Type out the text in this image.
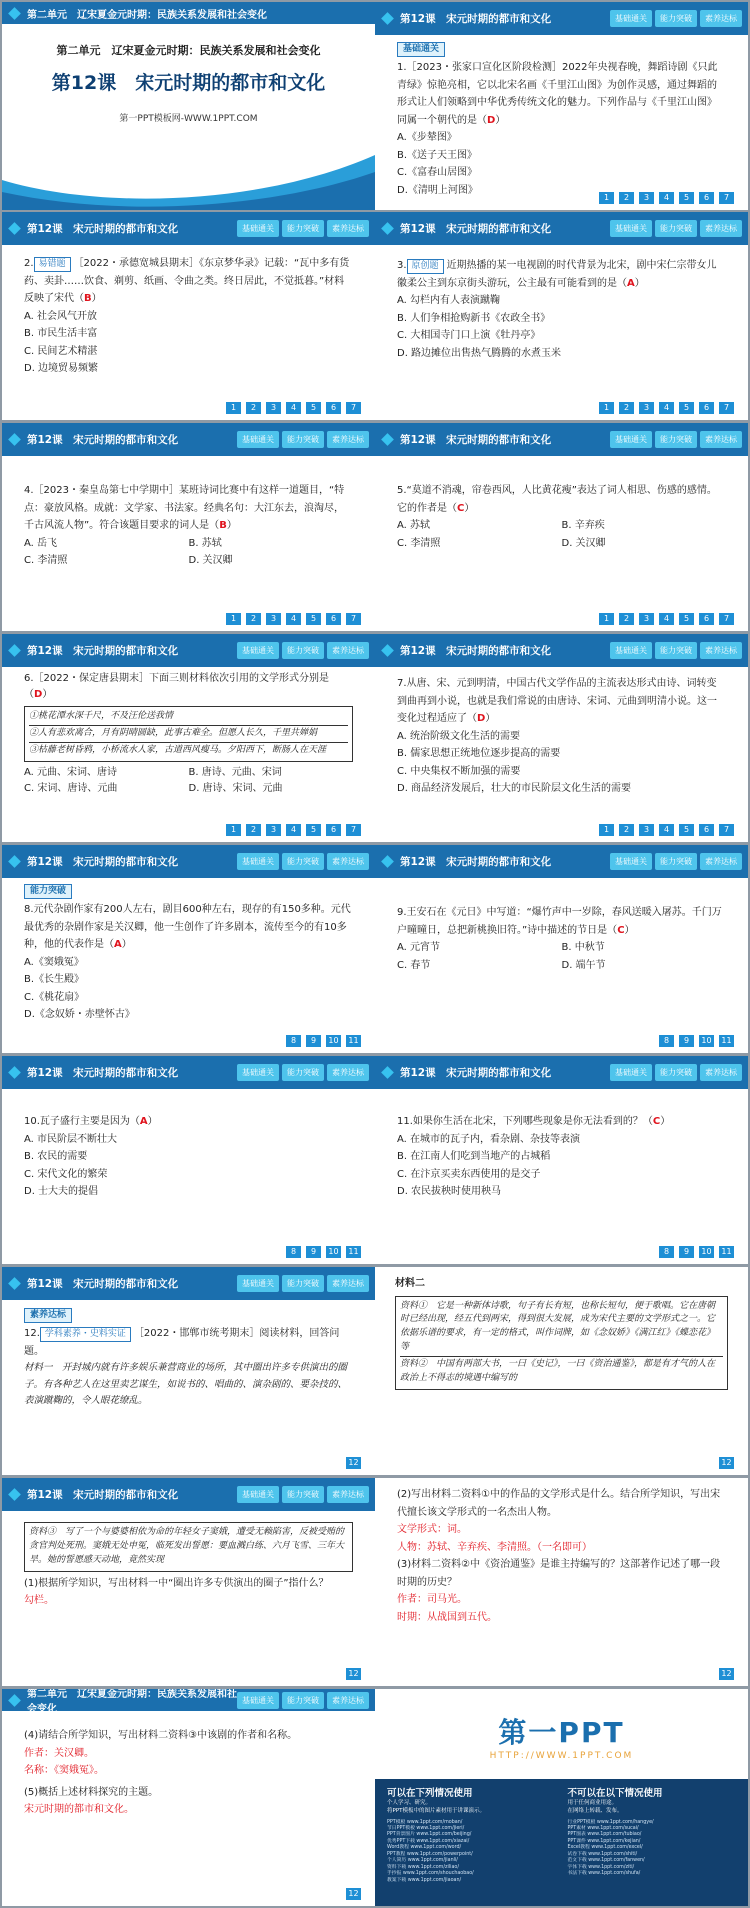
第二单元　辽宋夏金元时期：民族关系发展和社会变化
第二单元　辽宋夏金元时期：民族关系发展和社会变化
第12课　宋元时期的都市和文化
第一PPT模板网-WWW.1PPT.COM
第12课　宋元时期的都市和文化	基础通关	能力突破	素养达标
基础通关

1.［2023・张家口宣化区阶段检测］2022年央视春晚，舞蹈诗剧《只此青绿》惊艳亮相，它以北宋名画《千里江山图》为创作灵感，通过舞蹈的形式让人们领略到中华优秀传统文化的魅力。下列作品与《千里江山图》同属一个朝代的是（D）

A.《步辇图》

B.《送子天王图》

C.《富春山居图》

D.《清明上河图》

1	2	3	4	5	6	7
第12课　宋元时期的都市和文化	基础通关	能力突破	素养达标

2. 易错题 ［2022・承德宽城县期末］《东京梦华录》记载：“瓦中多有货药、卖卦……饮食、剃剪、纸画、令曲之类。终日居此，不觉抵暮。”材料反映了宋代（B）

A. 社会风气开放

B. 市民生活丰富

C. 民间艺术精湛

D. 边境贸易频繁

1	2	3	4	5	6	7
第12课　宋元时期的都市和文化	基础通关	能力突破	素养达标

3. 原创题 近期热播的某一电视剧的时代背景为北宋，剧中宋仁宗带女儿徽柔公主到东京街头游玩，公主最有可能看到的是（A）

A. 勾栏内有人表演蹴鞠

B. 人们争相抢购新书《农政全书》

C. 大相国寺门口上演《牡丹亭》

D. 路边摊位出售热气腾腾的水煮玉米

1	2	3	4	5	6	7
第12课　宋元时期的都市和文化	基础通关	能力突破	素养达标

4.［2023・秦皇岛第七中学期中］某班诗词比赛中有这样一道题目，“特点：豪放风格。成就：文学家、书法家。经典名句：大江东去，浪淘尽，千古风流人物”。符合该题目要求的词人是（B）

A. 岳飞	B. 苏轼
C. 李清照	D. 关汉卿
1	2	3	4	5	6	7
第12课　宋元时期的都市和文化	基础通关	能力突破	素养达标

5.“莫道不消魂，帘卷西风，人比黄花瘦”表达了词人相思、伤感的感情。它的作者是（C）

A. 苏轼	B. 辛弃疾
C. 李清照	D. 关汉卿
1	2	3	4	5	6	7
第12课　宋元时期的都市和文化	基础通关	能力突破	素养达标

6.［2022・保定唐县期末］下面三则材料依次引用的文学形式分别是（D）

①桃花潭水深千尺，不及汪伦送我情
②人有悲欢离合，月有阴晴圆缺，此事古难全。但愿人长久，千里共婵娟
③枯藤老树昏鸦，小桥流水人家，古道西风瘦马。夕阳西下，断肠人在天涯
A. 元曲、宋词、唐诗	B. 唐诗、元曲、宋词
C. 宋词、唐诗、元曲	D. 唐诗、宋词、元曲
1	2	3	4	5	6	7
第12课　宋元时期的都市和文化	基础通关	能力突破	素养达标

7.从唐、宋、元到明清，中国古代文学作品的主流表达形式由诗、词转变到曲再到小说，也就是我们常说的由唐诗、宋词、元曲到明清小说。这一变化过程适应了（D）

A. 统治阶级文化生活的需要

B. 儒家思想正统地位逐步提高的需要

C. 中央集权不断加强的需要

D. 商品经济发展后，壮大的市民阶层文化生活的需要

1	2	3	4	5	6	7
第12课　宋元时期的都市和文化	基础通关	能力突破	素养达标
能力突破

8.元代杂剧作家有200人左右，剧目600种左右，现存的有150多种。元代最优秀的杂剧作家是关汉卿，他一生创作了许多剧本，流传至今的有10多种，他的代表作是（A）

A.《窦娥冤》

B.《长生殿》

C.《桃花扇》

D.《念奴娇・赤壁怀古》

8	9	10	11
第12课　宋元时期的都市和文化	基础通关	能力突破	素养达标

9.王安石在《元日》中写道：“爆竹声中一岁除，春风送暖入屠苏。千门万户曈曈日，总把新桃换旧符。”诗中描述的节日是（C）

A. 元宵节	B. 中秋节
C. 春节	D. 端午节
8	9	10	11
第12课　宋元时期的都市和文化	基础通关	能力突破	素养达标

10.瓦子盛行主要是因为（A）

A. 市民阶层不断壮大

B. 农民的需要

C. 宋代文化的繁荣

D. 士大夫的提倡

8	9	10	11
第12课　宋元时期的都市和文化	基础通关	能力突破	素养达标

11.如果你生活在北宋，下列哪些现象是你无法看到的？（C）

A. 在城市的瓦子内，看杂剧、杂技等表演

B. 在江南人们吃到当地产的占城稻

C. 在汴京买卖东西使用的是交子

D. 农民拔秧时使用秧马

8	9	10	11
第12课　宋元时期的都市和文化	基础通关	能力突破	素养达标
素养达标

12. 学科素养・史料实证 ［2022・邯郸市统考期末］阅读材料，回答问题。

材料一　开封城内就有许多娱乐兼营商业的场所，其中圈出许多专供演出的圈子。有各种艺人在这里卖艺谋生，如说书的、唱曲的、演杂剧的、要杂技的、表演蹴鞠的，令人眼花缭乱。

12

材料二

资料①　它是一种新体诗歌，句子有长有短，也称长短句，便于歌唱。它在唐朝时已经出现，经五代到两宋，得到很大发展，成为宋代主要的文学形式之一。它依据乐谱的要求，有一定的格式，叫作词牌，如《念奴娇》《满江红》《蝶恋花》等
资料②　中国有两部大书，一曰《史记》，一曰《资治通鉴》，都是有才气的人在政治上不得志的境遇中编写的
12
第12课　宋元时期的都市和文化	基础通关	能力突破	素养达标
资料③　写了一个与婆婆相依为命的年轻女子窦娥，遭受无赖陷害，反被受贿的贪官判处死刑。窦娥无处申冤，临死发出誓愿：要血溅白练、六月飞雪、三年大旱。她的誓愿感天动地，竟然实现

(1)根据所学知识，写出材料一中“圈出许多专供演出的圈子”指什么？

勾栏。

12

(2)写出材料二资料①中的作品的文学形式是什么。结合所学知识，写出宋代擅长该文学形式的一名杰出人物。

文学形式：词。

人物：苏轼、辛弃疾、李清照。（一名即可）

(3)材料二资料②中《资治通鉴》是谁主持编写的？这部著作记述了哪一段时期的历史？

作者：司马光。

时期：从战国到五代。

12
第二单元　辽宋夏金元时期：民族关系发展和社会变化
基础通关	能力突破	素养达标

(4)请结合所学知识，写出材料二资料③中该剧的作者和名称。

作者：关汉卿。

名称：《窦娥冤》。

(5)概括上述材料探究的主题。

宋元时期的都市和文化。

12
第一PPT
HTTP://WWW.1PPT.COM
可以在下列情况使用
个人学习、研究。
将PPT模板中的图片素材用于讲课演示。
PPT模板 www.1ppt.com/moban/
节日PPT模板 www.1ppt.com/jieri/
PPT背景图片 www.1ppt.com/beijing/
优秀PPT下载 www.1ppt.com/xiazai/
Word教程 www.1ppt.com/word/
PPT教程 www.1ppt.com/powerpoint/
个人简历 www.1ppt.com/jianli/
资料下载 www.1ppt.com/ziliao/
手抄报 www.1ppt.com/shouchaobao/
教案下载 www.1ppt.com/jiaoan/
不可以在以下情况使用
用于任何商业用途。
在网络上转载、发布。
行业PPT模板 www.1ppt.com/hangye/
PPT素材 www.1ppt.com/sucai/
PPT图表 www.1ppt.com/tubiao/
PPT课件 www.1ppt.com/kejian/
Excel教程 www.1ppt.com/excel/
试卷下载 www.1ppt.com/shiti/
范文下载 www.1ppt.com/fanwen/
字体下载 www.1ppt.com/ziti/
书法下载 www.1ppt.com/shufa/
